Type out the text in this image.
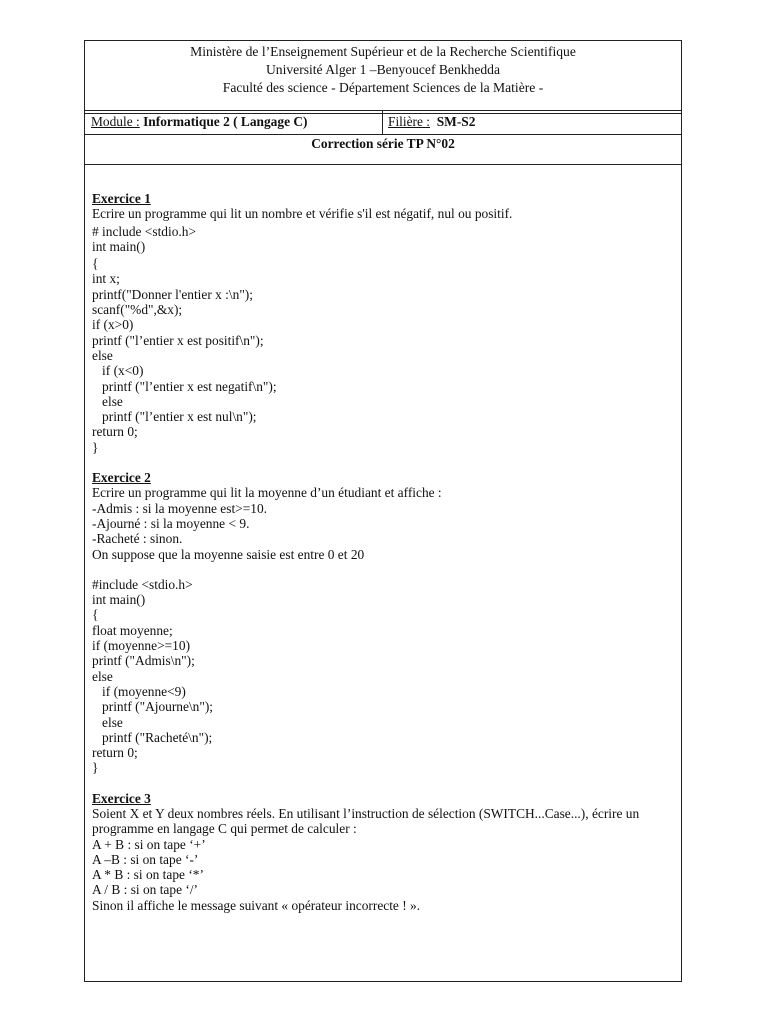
Ministère de l’Enseignement Supérieur et de la Recherche Scientifique
Université Alger 1 –Benyoucef Benkhedda
Faculté des science - Département Sciences de la Matière -
Module : Informatique 2 ( Langage C)	Filière : SM-S2
Correction série TP N°02
Exercice 1
Ecrire un programme qui lit un nombre et vérifie s'il est négatif, nul ou positif.
# include <stdio.h>
int main()
{
int x;
printf("Donner l'entier x :\n");
scanf("%d",&x);
if (x>0)
printf ("l’entier x est positif\n");
else
if (x<0)
printf ("l’entier x est negatif\n");
else
printf ("l’entier x est nul\n");
return 0;
}
Exercice 2
Ecrire un programme qui lit la moyenne d’un étudiant et affiche :
-Admis : si la moyenne est>=10.
-Ajourné : si la moyenne < 9.
-Racheté : sinon.
On suppose que la moyenne saisie est entre 0 et 20
#include <stdio.h>
int main()
{
float moyenne;
if (moyenne>=10)
printf ("Admis\n");
else
if (moyenne<9)
printf ("Ajourne\n");
else
printf ("Racheté\n");
return 0;
}
Exercice 3
Soient X et Y deux nombres réels. En utilisant l’instruction de sélection (SWITCH...Case...), écrire un programme en langage C qui permet de calculer :
A + B : si on tape ‘+’
A –B : si on tape ‘-’
A * B : si on tape ‘*’
A / B : si on tape ‘/’
Sinon il affiche le message suivant « opérateur incorrecte ! ».
